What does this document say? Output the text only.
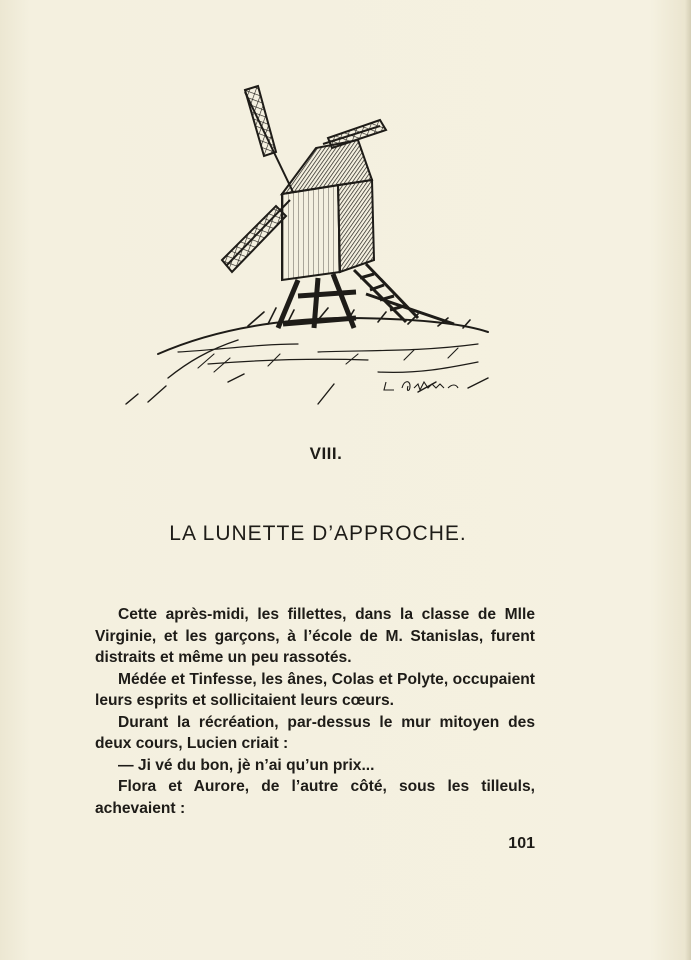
VIII.
LA LUNETTE D’APPROCHE.

Cette après-midi, les fillettes, dans la classe de Mlle Virginie, et les garçons, à l’école de M. Stanislas, furent distraits et même un peu rassotés.

Médée et Tinfesse, les ânes, Colas et Polyte, occupaient leurs esprits et sollicitaient leurs cœurs.

Durant la récréation, par-dessus le mur mitoyen des deux cours, Lucien criait :

— Ji vé du bon, jè n’ai qu’un prix...

Flora et Aurore, de l’autre côté, sous les tilleuls, achevaient :

101
